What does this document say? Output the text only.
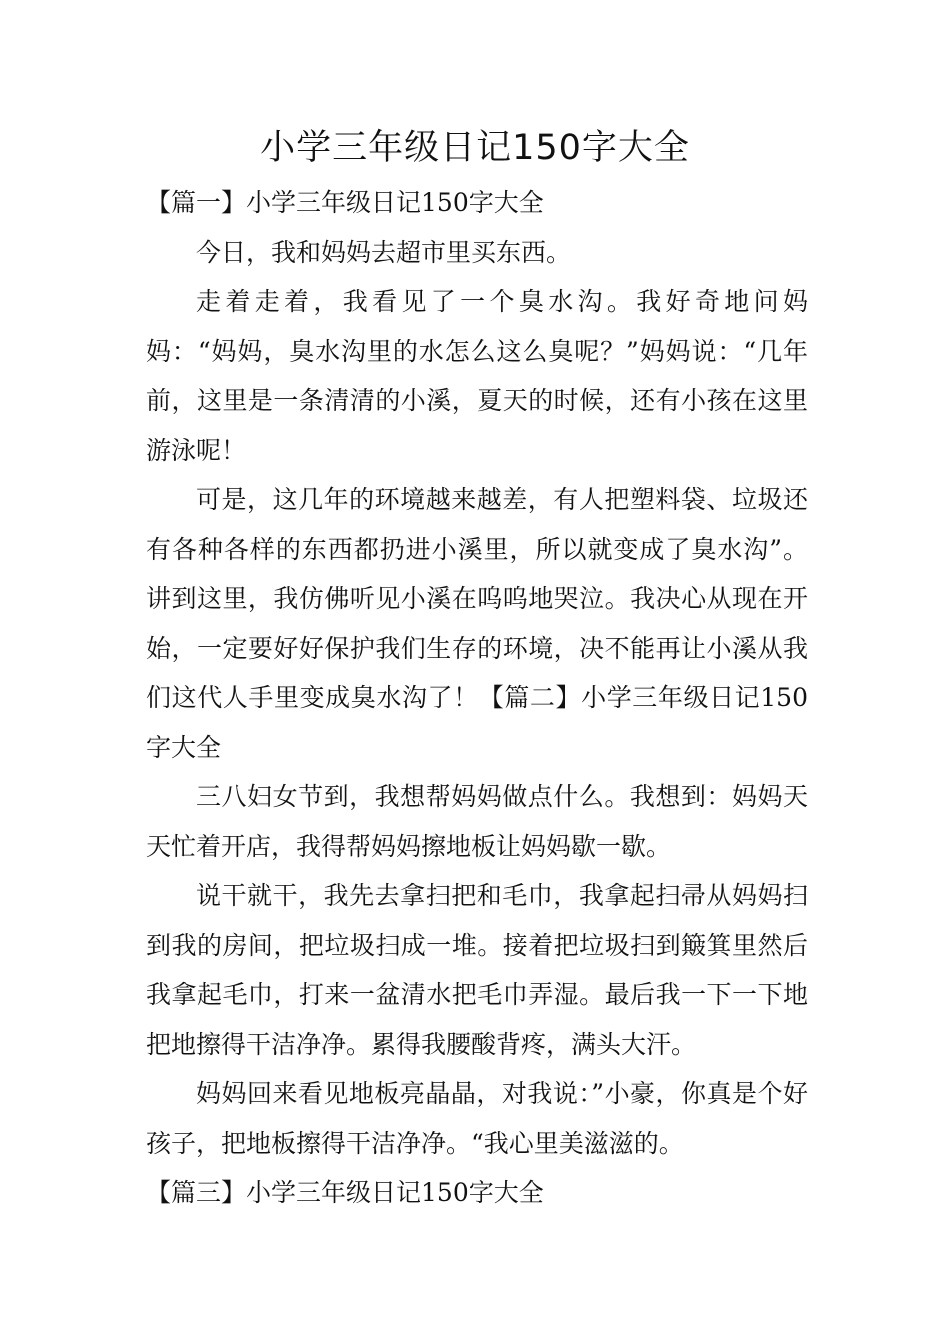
小学三年级日记150字大全

【篇一】小学三年级日记150字大全

今日，我和妈妈去超市里买东西。

走着走着，我看见了一个臭水沟。我好奇地问妈妈：“妈妈，臭水沟里的水怎么这么臭呢？”妈妈说：“几年前，这里是一条清清的小溪，夏天的时候，还有小孩在这里游泳呢！

可是，这几年的环境越来越差，有人把塑料袋、垃圾还有各种各样的东西都扔进小溪里，所以就变成了臭水沟”。讲到这里，我仿佛听见小溪在呜呜地哭泣。我决心从现在开始，一定要好好保护我们生存的环境，决不能再让小溪从我们这代人手里变成臭水沟了！【篇二】小学三年级日记150字大全

三八妇女节到，我想帮妈妈做点什么。我想到：妈妈天天忙着开店，我得帮妈妈擦地板让妈妈歇一歇。

说干就干，我先去拿扫把和毛巾，我拿起扫帚从妈妈扫到我的房间，把垃圾扫成一堆。接着把垃圾扫到簸箕里然后我拿起毛巾，打来一盆清水把毛巾弄湿。最后我一下一下地把地擦得干洁净净。累得我腰酸背疼，满头大汗。

妈妈回来看见地板亮晶晶，对我说：”小豪，你真是个好孩子，把地板擦得干洁净净。“我心里美滋滋的。

【篇三】小学三年级日记150字大全
